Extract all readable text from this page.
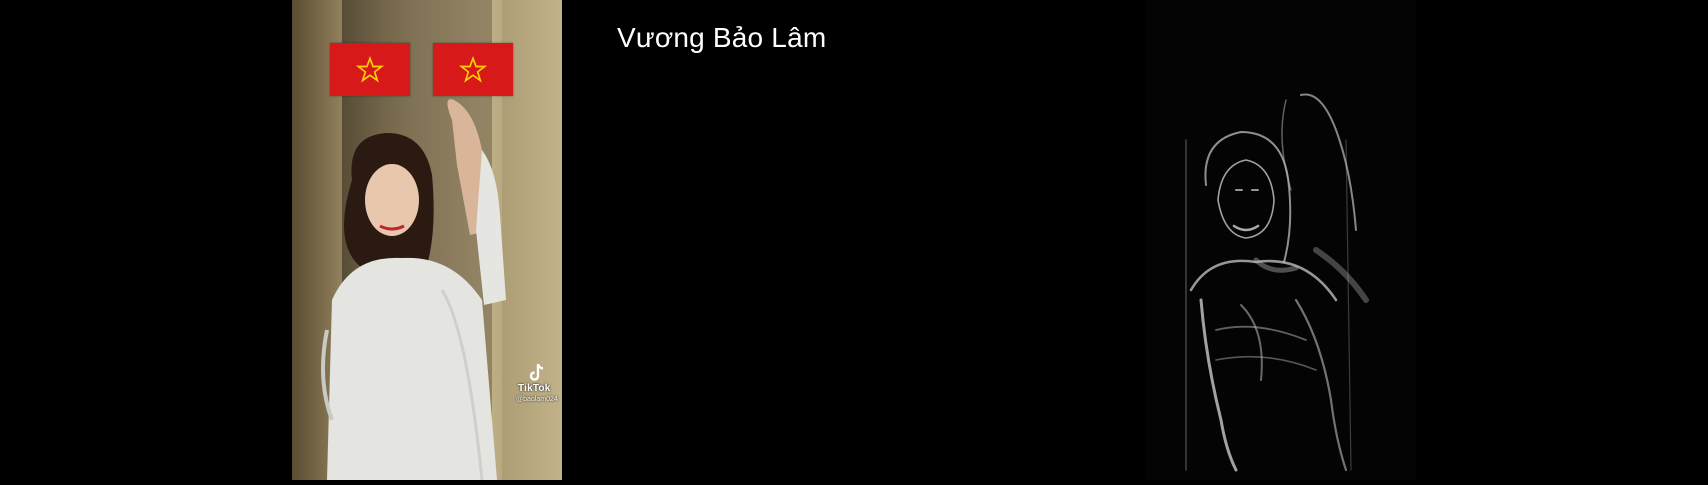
TikTok
@baolam024
Vương Bảo Lâm
